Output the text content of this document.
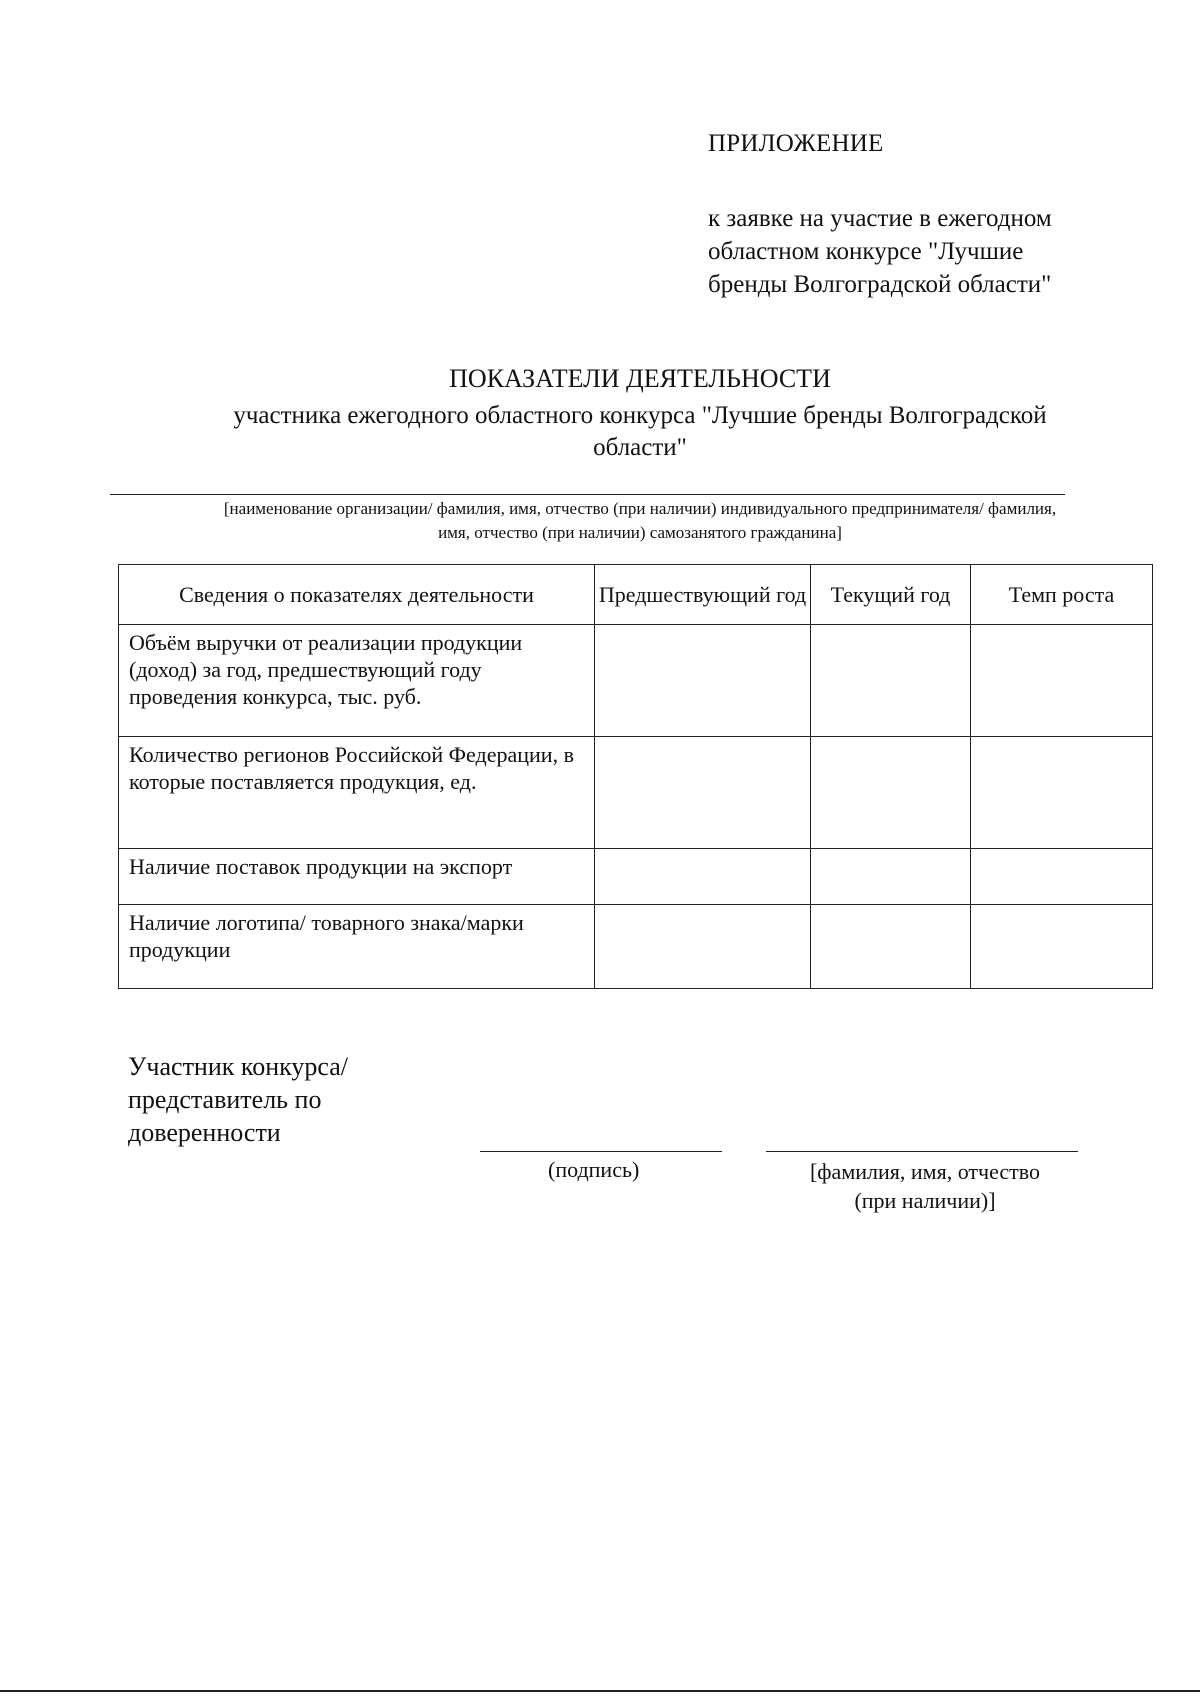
ПРИЛОЖЕНИЕ
к заявке на участие в ежегодном
областном конкурсе "Лучшие
бренды Волгоградской области"
ПОКАЗАТЕЛИ ДЕЯТЕЛЬНОСТИ
участника ежегодного областного конкурса "Лучшие бренды Волгоградской
области"
[наименование организации/ фамилия, имя, отчество (при наличии) индивидуального предпринимателя/ фамилия,
имя, отчество (при наличии) самозанятого гражданина]
Сведения о показателях деятельности	Предшествующий год	Текущий год	Темп роста
Объём выручки от реализации продукции (доход) за год, предшествующий году проведения конкурса, тыс. руб.			
Количество регионов Российской Федерации, в которые поставляется продукция, ед.			
Наличие поставок продукции на экспорт			
Наличие логотипа/ товарного знака/марки продукции			
Участник конкурса/
представитель по
доверенности
(подпись)	[фамилия, имя, отчество
(при наличии)]
